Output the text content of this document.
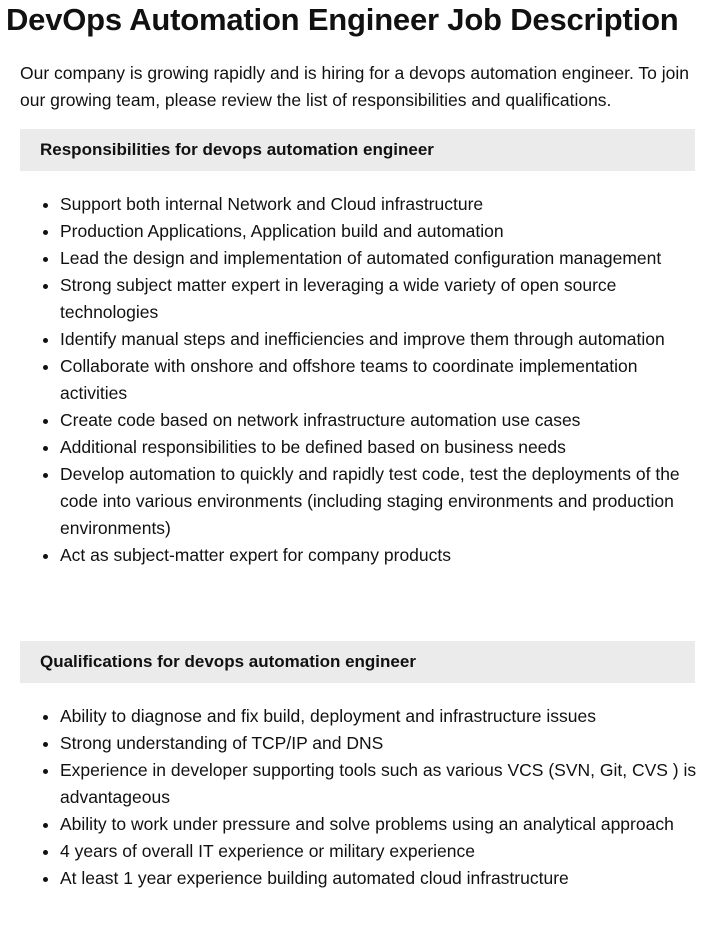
DevOps Automation Engineer Job Description

Our company is growing rapidly and is hiring for a devops automation engineer. To join our growing team, please review the list of responsibilities and qualifications.

Responsibilities for devops automation engineer
• Support both internal Network and Cloud infrastructure
• Production Applications, Application build and automation
• Lead the design and implementation of automated configuration management
• Strong subject matter expert in leveraging a wide variety of open source technologies
• Identify manual steps and inefficiencies and improve them through automation
• Collaborate with onshore and offshore teams to coordinate implementation activities
• Create code based on network infrastructure automation use cases
• Additional responsibilities to be defined based on business needs
• Develop automation to quickly and rapidly test code, test the deployments of the code into various environments (including staging environments and production environments)
• Act as subject-matter expert for company products
Qualifications for devops automation engineer
• Ability to diagnose and fix build, deployment and infrastructure issues
• Strong understanding of TCP/IP and DNS
• Experience in developer supporting tools such as various VCS (SVN, Git, CVS ) is advantageous
• Ability to work under pressure and solve problems using an analytical approach
• 4 years of overall IT experience or military experience
• At least 1 year experience building automated cloud infrastructure
